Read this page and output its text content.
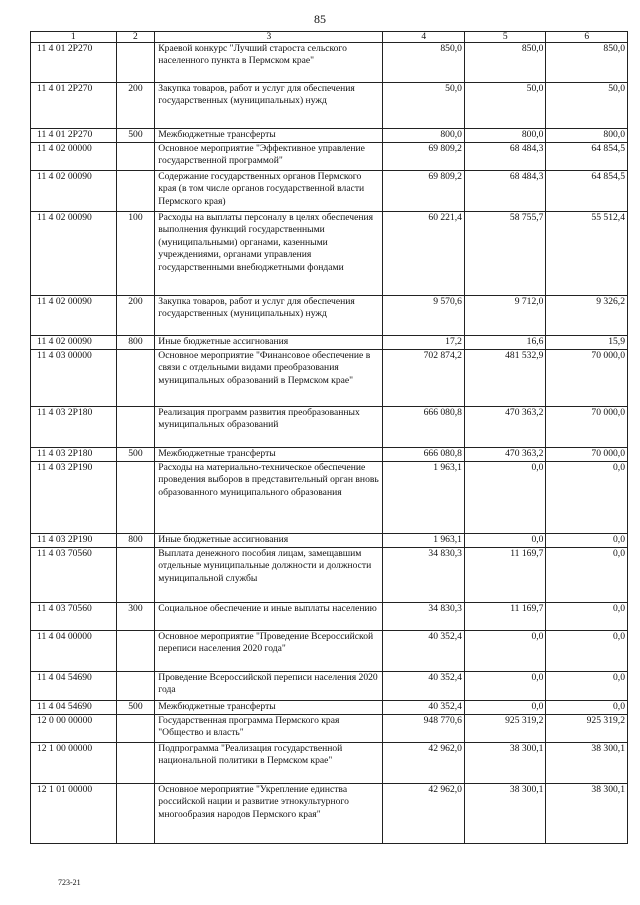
85
1	2	3	4	5	6
11 4 01 2Р270		Краевой конкурс "Лучший староста сельского населенного пункта в Пермском крае"	850,0	850,0	850,0
11 4 01 2Р270	200	Закупка товаров, работ и услуг для обеспечения государственных (муниципальных) нужд	50,0	50,0	50,0
11 4 01 2Р270	500	Межбюджетные трансферты	800,0	800,0	800,0
11 4 02 00000		Основное мероприятие "Эффективное управление государственной программой"	69 809,2	68 484,3	64 854,5
11 4 02 00090		Содержание государственных органов Пермского края (в том числе органов государственной власти Пермского края)	69 809,2	68 484,3	64 854,5
11 4 02 00090	100	Расходы на выплаты персоналу в целях обеспечения выполнения функций государственными (муниципальными) органами, казенными учреждениями, органами управления государственными внебюджетными фондами	60 221,4	58 755,7	55 512,4
11 4 02 00090	200	Закупка товаров, работ и услуг для обеспечения государственных (муниципальных) нужд	9 570,6	9 712,0	9 326,2
11 4 02 00090	800	Иные бюджетные ассигнования	17,2	16,6	15,9
11 4 03 00000		Основное мероприятие "Финансовое обеспечение в связи с отдельными видами преобразования муниципальных образований в Пермском крае"	702 874,2	481 532,9	70 000,0
11 4 03 2Р180		Реализация программ развития преобразованных муниципальных образований	666 080,8	470 363,2	70 000,0
11 4 03 2Р180	500	Межбюджетные трансферты	666 080,8	470 363,2	70 000,0
11 4 03 2Р190		Расходы на материально-техническое обеспечение проведения выборов в представительный орган вновь образованного муниципального образования	1 963,1	0,0	0,0
11 4 03 2Р190	800	Иные бюджетные ассигнования	1 963,1	0,0	0,0
11 4 03 70560		Выплата денежного пособия лицам, замещавшим отдельные муниципальные должности и должности муниципальной службы	34 830,3	11 169,7	0,0
11 4 03 70560	300	Социальное обеспечение и иные выплаты населению	34 830,3	11 169,7	0,0
11 4 04 00000		Основное мероприятие "Проведение Всероссийской переписи населения 2020 года"	40 352,4	0,0	0,0
11 4 04 54690		Проведение Всероссийской переписи населения 2020 года	40 352,4	0,0	0,0
11 4 04 54690	500	Межбюджетные трансферты	40 352,4	0,0	0,0
12 0 00 00000		Государственная программа Пермского края "Общество и власть"	948 770,6	925 319,2	925 319,2
12 1 00 00000		Подпрограмма "Реализация государственной национальной политики в Пермском крае"	42 962,0	38 300,1	38 300,1
12 1 01 00000		Основное мероприятие "Укрепление единства российской нации и развитие этнокультурного многообразия народов Пермского края"	42 962,0	38 300,1	38 300,1
723-21
